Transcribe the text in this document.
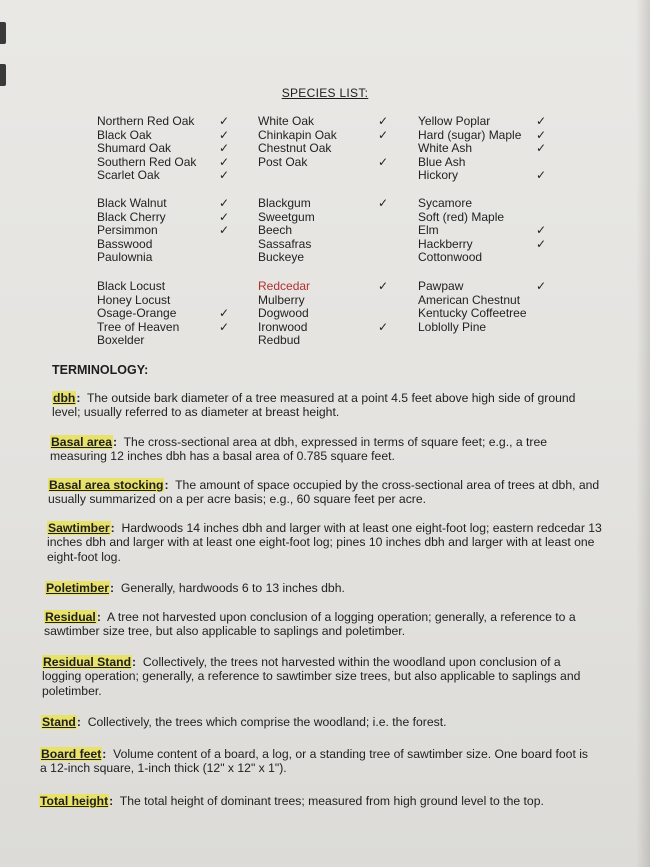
SPECIES LIST:
Northern Red Oak ✓
Black Oak	✓
Shumard Oak	✓
Southern Red Oak ✓
Scarlet Oak	✓
White Oak	✓
Chinkapin Oak	✓
Chestnut Oak
Post Oak	✓
Yellow Poplar	✓
Hard (sugar) Maple ✓
White Ash	✓
Blue Ash
Hickory	✓
Black Walnut	✓
Black Cherry	✓
Persimmon	✓
Basswood
Paulownia
Blackgum	✓
Sweetgum
Beech
Sassafras
Buckeye
Sycamore
Soft (red) Maple
Elm	✓
Hackberry	✓
Cottonwood
Black Locust
Honey Locust
Osage-Orange	✓
Tree of Heaven	✓
Boxelder
Redcedar	✓
Mulberry
Dogwood
Ironwood	✓
Redbud
Pawpaw	✓
American Chestnut
Kentucky Coffeetree
Loblolly Pine
TERMINOLOGY:
dbh:  The outside bark diameter of a tree measured at a point 4.5 feet above high side of ground level; usually referred to as diameter at breast height.
Basal area:  The cross-sectional area at dbh, expressed in terms of square feet; e.g., a tree measuring 12 inches dbh has a basal area of 0.785 square feet.
Basal area stocking:  The amount of space occupied by the cross-sectional area of trees at dbh, and usually summarized on a per acre basis; e.g., 60 square feet per acre.
Sawtimber:  Hardwoods 14 inches dbh and larger with at least one eight-foot log; eastern redcedar 13 inches dbh and larger with at least one eight-foot log; pines 10 inches dbh and larger with at least one eight-foot log.
Poletimber:  Generally, hardwoods 6 to 13 inches dbh.
Residual:  A tree not harvested upon conclusion of a logging operation; generally, a reference to a sawtimber size tree, but also applicable to saplings and poletimber.
Residual Stand:  Collectively, the trees not harvested within the woodland upon conclusion of a logging operation; generally, a reference to sawtimber size trees, but also applicable to saplings and poletimber.
Stand:  Collectively, the trees which comprise the woodland; i.e. the forest.
Board feet:  Volume content of a board, a log, or a standing tree of sawtimber size. One board foot is a 12-inch square, 1-inch thick (12" x 12" x 1").
Total height:  The total height of dominant trees; measured from high ground level to the top.
